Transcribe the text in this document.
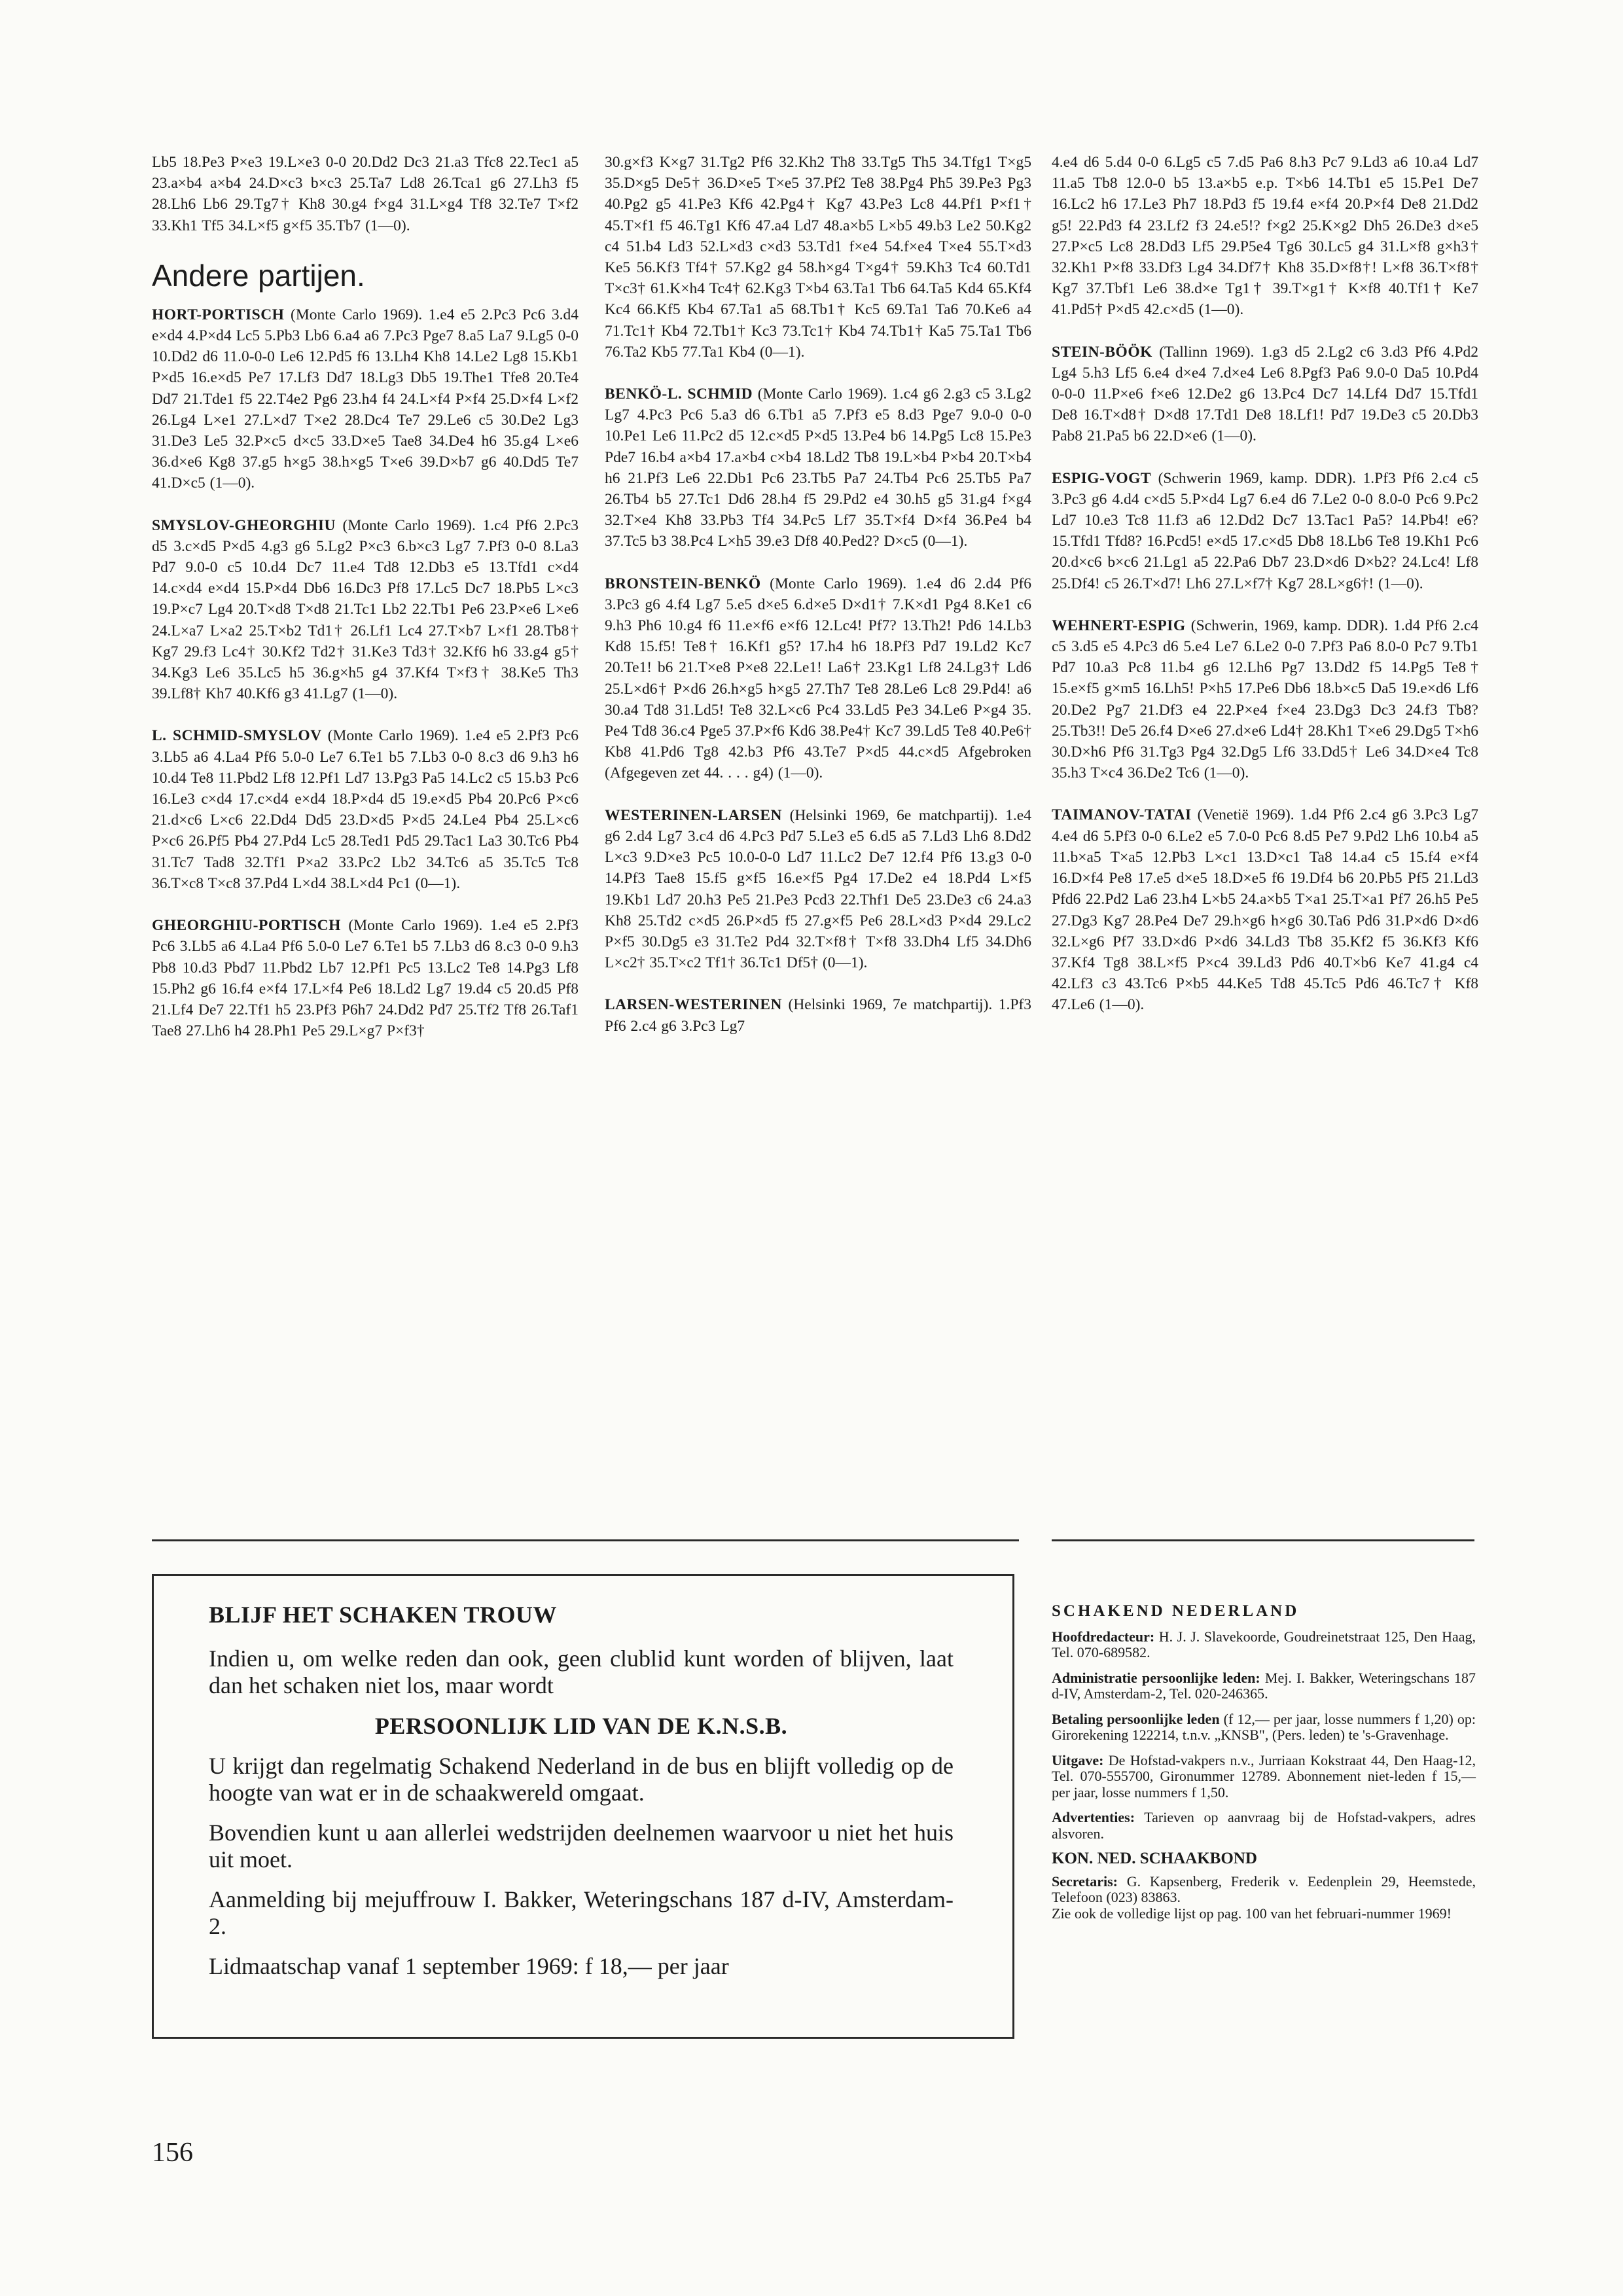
Lb5 18.Pe3 P×e3 19.L×e3 0-0 20.Dd2 Dc3 21.a3 Tfc8 22.Tec1 a5 23.a×b4 a×b4 24.D×c3 b×c3 25.Ta7 Ld8 26.Tca1 g6 27.Lh3 f5 28.Lh6 Lb6 29.Tg7† Kh8 30.g4 f×g4 31.L×g4 Tf8 32.Te7 T×f2 33.Kh1 Tf5 34.L×f5 g×f5 35.Tb7 (1—0).

Andere partijen.

HORT-PORTISCH (Monte Carlo 1969). 1.e4 e5 2.Pc3 Pc6 3.d4 e×d4 4.P×d4 Lc5 5.Pb3 Lb6 6.a4 a6 7.Pc3 Pge7 8.a5 La7 9.Lg5 0-0 10.Dd2 d6 11.0-0-0 Le6 12.Pd5 f6 13.Lh4 Kh8 14.Le2 Lg8 15.Kb1 P×d5 16.e×d5 Pe7 17.Lf3 Dd7 18.Lg3 Db5 19.The1 Tfe8 20.Te4 Dd7 21.Tde1 f5 22.T4e2 Pg6 23.h4 f4 24.L×f4 P×f4 25.D×f4 L×f2 26.Lg4 L×e1 27.L×d7 T×e2 28.Dc4 Te7 29.Le6 c5 30.De2 Lg3 31.De3 Le5 32.P×c5 d×c5 33.D×e5 Tae8 34.De4 h6 35.g4 L×e6 36.d×e6 Kg8 37.g5 h×g5 38.h×g5 T×e6 39.D×b7 g6 40.Dd5 Te7 41.D×c5 (1—0).

SMYSLOV-GHEORGHIU (Monte Carlo 1969). 1.c4 Pf6 2.Pc3 d5 3.c×d5 P×d5 4.g3 g6 5.Lg2 P×c3 6.b×c3 Lg7 7.Pf3 0-0 8.La3 Pd7 9.0-0 c5 10.d4 Dc7 11.e4 Td8 12.Db3 e5 13.Tfd1 c×d4 14.c×d4 e×d4 15.P×d4 Db6 16.Dc3 Pf8 17.Lc5 Dc7 18.Pb5 L×c3 19.P×c7 Lg4 20.T×d8 T×d8 21.Tc1 Lb2 22.Tb1 Pe6 23.P×e6 L×e6 24.L×a7 L×a2 25.T×b2 Td1† 26.Lf1 Lc4 27.T×b7 L×f1 28.Tb8† Kg7 29.f3 Lc4† 30.Kf2 Td2† 31.Ke3 Td3† 32.Kf6 h6 33.g4 g5† 34.Kg3 Le6 35.Lc5 h5 36.g×h5 g4 37.Kf4 T×f3† 38.Ke5 Th3 39.Lf8† Kh7 40.Kf6 g3 41.Lg7 (1—0).

L. SCHMID-SMYSLOV (Monte Carlo 1969). 1.e4 e5 2.Pf3 Pc6 3.Lb5 a6 4.La4 Pf6 5.0-0 Le7 6.Te1 b5 7.Lb3 0-0 8.c3 d6 9.h3 h6 10.d4 Te8 11.Pbd2 Lf8 12.Pf1 Ld7 13.Pg3 Pa5 14.Lc2 c5 15.b3 Pc6 16.Le3 c×d4 17.c×d4 e×d4 18.P×d4 d5 19.e×d5 Pb4 20.Pc6 P×c6 21.d×c6 L×c6 22.Dd4 Dd5 23.D×d5 P×d5 24.Le4 Pb4 25.L×c6 P×c6 26.Pf5 Pb4 27.Pd4 Lc5 28.Ted1 Pd5 29.Tac1 La3 30.Tc6 Pb4 31.Tc7 Tad8 32.Tf1 P×a2 33.Pc2 Lb2 34.Tc6 a5 35.Tc5 Tc8 36.T×c8 T×c8 37.Pd4 L×d4 38.L×d4 Pc1 (0—1).

GHEORGHIU-PORTISCH (Monte Carlo 1969). 1.e4 e5 2.Pf3 Pc6 3.Lb5 a6 4.La4 Pf6 5.0-0 Le7 6.Te1 b5 7.Lb3 d6 8.c3 0-0 9.h3 Pb8 10.d3 Pbd7 11.Pbd2 Lb7 12.Pf1 Pc5 13.Lc2 Te8 14.Pg3 Lf8 15.Ph2 g6 16.f4 e×f4 17.L×f4 Pe6 18.Ld2 Lg7 19.d4 c5 20.d5 Pf8 21.Lf4 De7 22.Tf1 h5 23.Pf3 P6h7 24.Dd2 Pd7 25.Tf2 Tf8 26.Taf1 Tae8 27.Lh6 h4 28.Ph1 Pe5 29.L×g7 P×f3†

30.g×f3 K×g7 31.Tg2 Pf6 32.Kh2 Th8 33.Tg5 Th5 34.Tfg1 T×g5 35.D×g5 De5† 36.D×e5 T×e5 37.Pf2 Te8 38.Pg4 Ph5 39.Pe3 Pg3 40.Pg2 g5 41.Pe3 Kf6 42.Pg4† Kg7 43.Pe3 Lc8 44.Pf1 P×f1† 45.T×f1 f5 46.Tg1 Kf6 47.a4 Ld7 48.a×b5 L×b5 49.b3 Le2 50.Kg2 c4 51.b4 Ld3 52.L×d3 c×d3 53.Td1 f×e4 54.f×e4 T×e4 55.T×d3 Ke5 56.Kf3 Tf4† 57.Kg2 g4 58.h×g4 T×g4† 59.Kh3 Tc4 60.Td1 T×c3† 61.K×h4 Tc4† 62.Kg3 T×b4 63.Ta1 Tb6 64.Ta5 Kd4 65.Kf4 Kc4 66.Kf5 Kb4 67.Ta1 a5 68.Tb1† Kc5 69.Ta1 Ta6 70.Ke6 a4 71.Tc1† Kb4 72.Tb1† Kc3 73.Tc1† Kb4 74.Tb1† Ka5 75.Ta1 Tb6 76.Ta2 Kb5 77.Ta1 Kb4 (0—1).

BENKÖ-L. SCHMID (Monte Carlo 1969). 1.c4 g6 2.g3 c5 3.Lg2 Lg7 4.Pc3 Pc6 5.a3 d6 6.Tb1 a5 7.Pf3 e5 8.d3 Pge7 9.0-0 0-0 10.Pe1 Le6 11.Pc2 d5 12.c×d5 P×d5 13.Pe4 b6 14.Pg5 Lc8 15.Pe3 Pde7 16.b4 a×b4 17.a×b4 c×b4 18.Ld2 Tb8 19.L×b4 P×b4 20.T×b4 h6 21.Pf3 Le6 22.Db1 Pc6 23.Tb5 Pa7 24.Tb4 Pc6 25.Tb5 Pa7 26.Tb4 b5 27.Tc1 Dd6 28.h4 f5 29.Pd2 e4 30.h5 g5 31.g4 f×g4 32.T×e4 Kh8 33.Pb3 Tf4 34.Pc5 Lf7 35.T×f4 D×f4 36.Pe4 b4 37.Tc5 b3 38.Pc4 L×h5 39.e3 Df8 40.Ped2? D×c5 (0—1).

BRONSTEIN-BENKÖ (Monte Carlo 1969). 1.e4 d6 2.d4 Pf6 3.Pc3 g6 4.f4 Lg7 5.e5 d×e5 6.d×e5 D×d1† 7.K×d1 Pg4 8.Ke1 c6 9.h3 Ph6 10.g4 f6 11.e×f6 e×f6 12.Lc4! Pf7? 13.Th2! Pd6 14.Lb3 Kd8 15.f5! Te8† 16.Kf1 g5? 17.h4 h6 18.Pf3 Pd7 19.Ld2 Kc7 20.Te1! b6 21.T×e8 P×e8 22.Le1! La6† 23.Kg1 Lf8 24.Lg3† Ld6 25.L×d6† P×d6 26.h×g5 h×g5 27.Th7 Te8 28.Le6 Lc8 29.Pd4! a6 30.a4 Td8 31.Ld5! Te8 32.L×c6 Pc4 33.Ld5 Pe3 34.Le6 P×g4 35. Pe4 Td8 36.c4 Pge5 37.P×f6 Kd6 38.Pe4† Kc7 39.Ld5 Te8 40.Pe6† Kb8 41.Pd6 Tg8 42.b3 Pf6 43.Te7 P×d5 44.c×d5 Afgebroken (Afgegeven zet 44. . . . g4) (1—0).

WESTERINEN-LARSEN (Helsinki 1969, 6e matchpartij). 1.e4 g6 2.d4 Lg7 3.c4 d6 4.Pc3 Pd7 5.Le3 e5 6.d5 a5 7.Ld3 Lh6 8.Dd2 L×c3 9.D×e3 Pc5 10.0-0-0 Ld7 11.Lc2 De7 12.f4 Pf6 13.g3 0-0 14.Pf3 Tae8 15.f5 g×f5 16.e×f5 Pg4 17.De2 e4 18.Pd4 L×f5 19.Kb1 Ld7 20.h3 Pe5 21.Pe3 Pcd3 22.Thf1 De5 23.De3 c6 24.a3 Kh8 25.Td2 c×d5 26.P×d5 f5 27.g×f5 Pe6 28.L×d3 P×d4 29.Lc2 P×f5 30.Dg5 e3 31.Te2 Pd4 32.T×f8† T×f8 33.Dh4 Lf5 34.Dh6 L×c2† 35.T×c2 Tf1† 36.Tc1 Df5† (0—1).

LARSEN-WESTERINEN (Helsinki 1969, 7e matchpartij). 1.Pf3 Pf6 2.c4 g6 3.Pc3 Lg7

4.e4 d6 5.d4 0-0 6.Lg5 c5 7.d5 Pa6 8.h3 Pc7 9.Ld3 a6 10.a4 Ld7 11.a5 Tb8 12.0-0 b5 13.a×b5 e.p. T×b6 14.Tb1 e5 15.Pe1 De7 16.Lc2 h6 17.Le3 Ph7 18.Pd3 f5 19.f4 e×f4 20.P×f4 De8 21.Dd2 g5! 22.Pd3 f4 23.Lf2 f3 24.e5!? f×g2 25.K×g2 Dh5 26.De3 d×e5 27.P×c5 Lc8 28.Dd3 Lf5 29.P5e4 Tg6 30.Lc5 g4 31.L×f8 g×h3† 32.Kh1 P×f8 33.Df3 Lg4 34.Df7† Kh8 35.D×f8†! L×f8 36.T×f8† Kg7 37.Tbf1 Le6 38.d×e Tg1† 39.T×g1† K×f8 40.Tf1† Ke7 41.Pd5† P×d5 42.c×d5 (1—0).

STEIN-BÖÖK (Tallinn 1969). 1.g3 d5 2.Lg2 c6 3.d3 Pf6 4.Pd2 Lg4 5.h3 Lf5 6.e4 d×e4 7.d×e4 Le6 8.Pgf3 Pa6 9.0-0 Da5 10.Pd4 0-0-0 11.P×e6 f×e6 12.De2 g6 13.Pc4 Dc7 14.Lf4 Dd7 15.Tfd1 De8 16.T×d8† D×d8 17.Td1 De8 18.Lf1! Pd7 19.De3 c5 20.Db3 Pab8 21.Pa5 b6 22.D×e6 (1—0).

ESPIG-VOGT (Schwerin 1969, kamp. DDR). 1.Pf3 Pf6 2.c4 c5 3.Pc3 g6 4.d4 c×d5 5.P×d4 Lg7 6.e4 d6 7.Le2 0-0 8.0-0 Pc6 9.Pc2 Ld7 10.e3 Tc8 11.f3 a6 12.Dd2 Dc7 13.Tac1 Pa5? 14.Pb4! e6? 15.Tfd1 Tfd8? 16.Pcd5! e×d5 17.c×d5 Db8 18.Lb6 Te8 19.Kh1 Pc6 20.d×c6 b×c6 21.Lg1 a5 22.Pa6 Db7 23.D×d6 D×b2? 24.Lc4! Lf8 25.Df4! c5 26.T×d7! Lh6 27.L×f7† Kg7 28.L×g6†! (1—0).

WEHNERT-ESPIG (Schwerin, 1969, kamp. DDR). 1.d4 Pf6 2.c4 c5 3.d5 e5 4.Pc3 d6 5.e4 Le7 6.Le2 0-0 7.Pf3 Pa6 8.0-0 Pc7 9.Tb1 Pd7 10.a3 Pc8 11.b4 g6 12.Lh6 Pg7 13.Dd2 f5 14.Pg5 Te8† 15.e×f5 g×m5 16.Lh5! P×h5 17.Pe6 Db6 18.b×c5 Da5 19.e×d6 Lf6 20.De2 Pg7 21.Df3 e4 22.P×e4 f×e4 23.Dg3 Dc3 24.f3 Tb8? 25.Tb3!! De5 26.f4 D×e6 27.d×e6 Ld4† 28.Kh1 T×e6 29.Dg5 T×h6 30.D×h6 Pf6 31.Tg3 Pg4 32.Dg5 Lf6 33.Dd5† Le6 34.D×e4 Tc8 35.h3 T×c4 36.De2 Tc6 (1—0).

TAIMANOV-TATAI (Venetië 1969). 1.d4 Pf6 2.c4 g6 3.Pc3 Lg7 4.e4 d6 5.Pf3 0-0 6.Le2 e5 7.0-0 Pc6 8.d5 Pe7 9.Pd2 Lh6 10.b4 a5 11.b×a5 T×a5 12.Pb3 L×c1 13.D×c1 Ta8 14.a4 c5 15.f4 e×f4 16.D×f4 Pe8 17.e5 d×e5 18.D×e5 f6 19.Df4 b6 20.Pb5 Pf5 21.Ld3 Pfd6 22.Pd2 La6 23.h4 L×b5 24.a×b5 T×a1 25.T×a1 Pf7 26.h5 Pe5 27.Dg3 Kg7 28.Pe4 De7 29.h×g6 h×g6 30.Ta6 Pd6 31.P×d6 D×d6 32.L×g6 Pf7 33.D×d6 P×d6 34.Ld3 Tb8 35.Kf2 f5 36.Kf3 Kf6 37.Kf4 Tg8 38.L×f5 P×c4 39.Ld3 Pd6 40.T×b6 Ke7 41.g4 c4 42.Lf3 c3 43.Tc6 P×b5 44.Ke5 Td8 45.Tc5 Pd6 46.Tc7† Kf8 47.Le6 (1—0).

BLIJF HET SCHAKEN TROUW

Indien u, om welke reden dan ook, geen clublid kunt worden of blijven, laat dan het schaken niet los, maar wordt

PERSOONLIJK LID VAN DE K.N.S.B.

U krijgt dan regelmatig Schakend Nederland in de bus en blijft volledig op de hoogte van wat er in de schaakwereld omgaat.

Bovendien kunt u aan allerlei wedstrijden deelnemen waarvoor u niet het huis uit moet.

Aanmelding bij mejuffrouw I. Bakker, Weteringschans 187 d-IV, Amsterdam-2.

Lidmaatschap vanaf 1 september 1969: f 18,— per jaar

SCHAKEND NEDERLAND

Hoofdredacteur: H. J. J. Slavekoorde, Goudreinetstraat 125, Den Haag, Tel. 070-689582.

Administratie persoonlijke leden: Mej. I. Bakker, Weteringschans 187 d-IV, Amsterdam-2, Tel. 020-246365.

Betaling persoonlijke leden (f 12,— per jaar, losse nummers f 1,20) op: Girorekening 122214, t.n.v. „KNSB", (Pers. leden) te 's-Gravenhage.

Uitgave: De Hofstad-vakpers n.v., Jurriaan Kokstraat 44, Den Haag-12, Tel. 070-555700, Gironummer 12789. Abonnement niet-leden f 15,— per jaar, losse nummers f 1,50.

Advertenties: Tarieven op aanvraag bij de Hofstad-vakpers, adres alsvoren.

KON. NED. SCHAAKBOND

Secretaris: G. Kapsenberg, Frederik v. Eedenplein 29, Heemstede, Telefoon (023) 83863.
Zie ook de volledige lijst op pag. 100 van het februari-nummer 1969!

156
